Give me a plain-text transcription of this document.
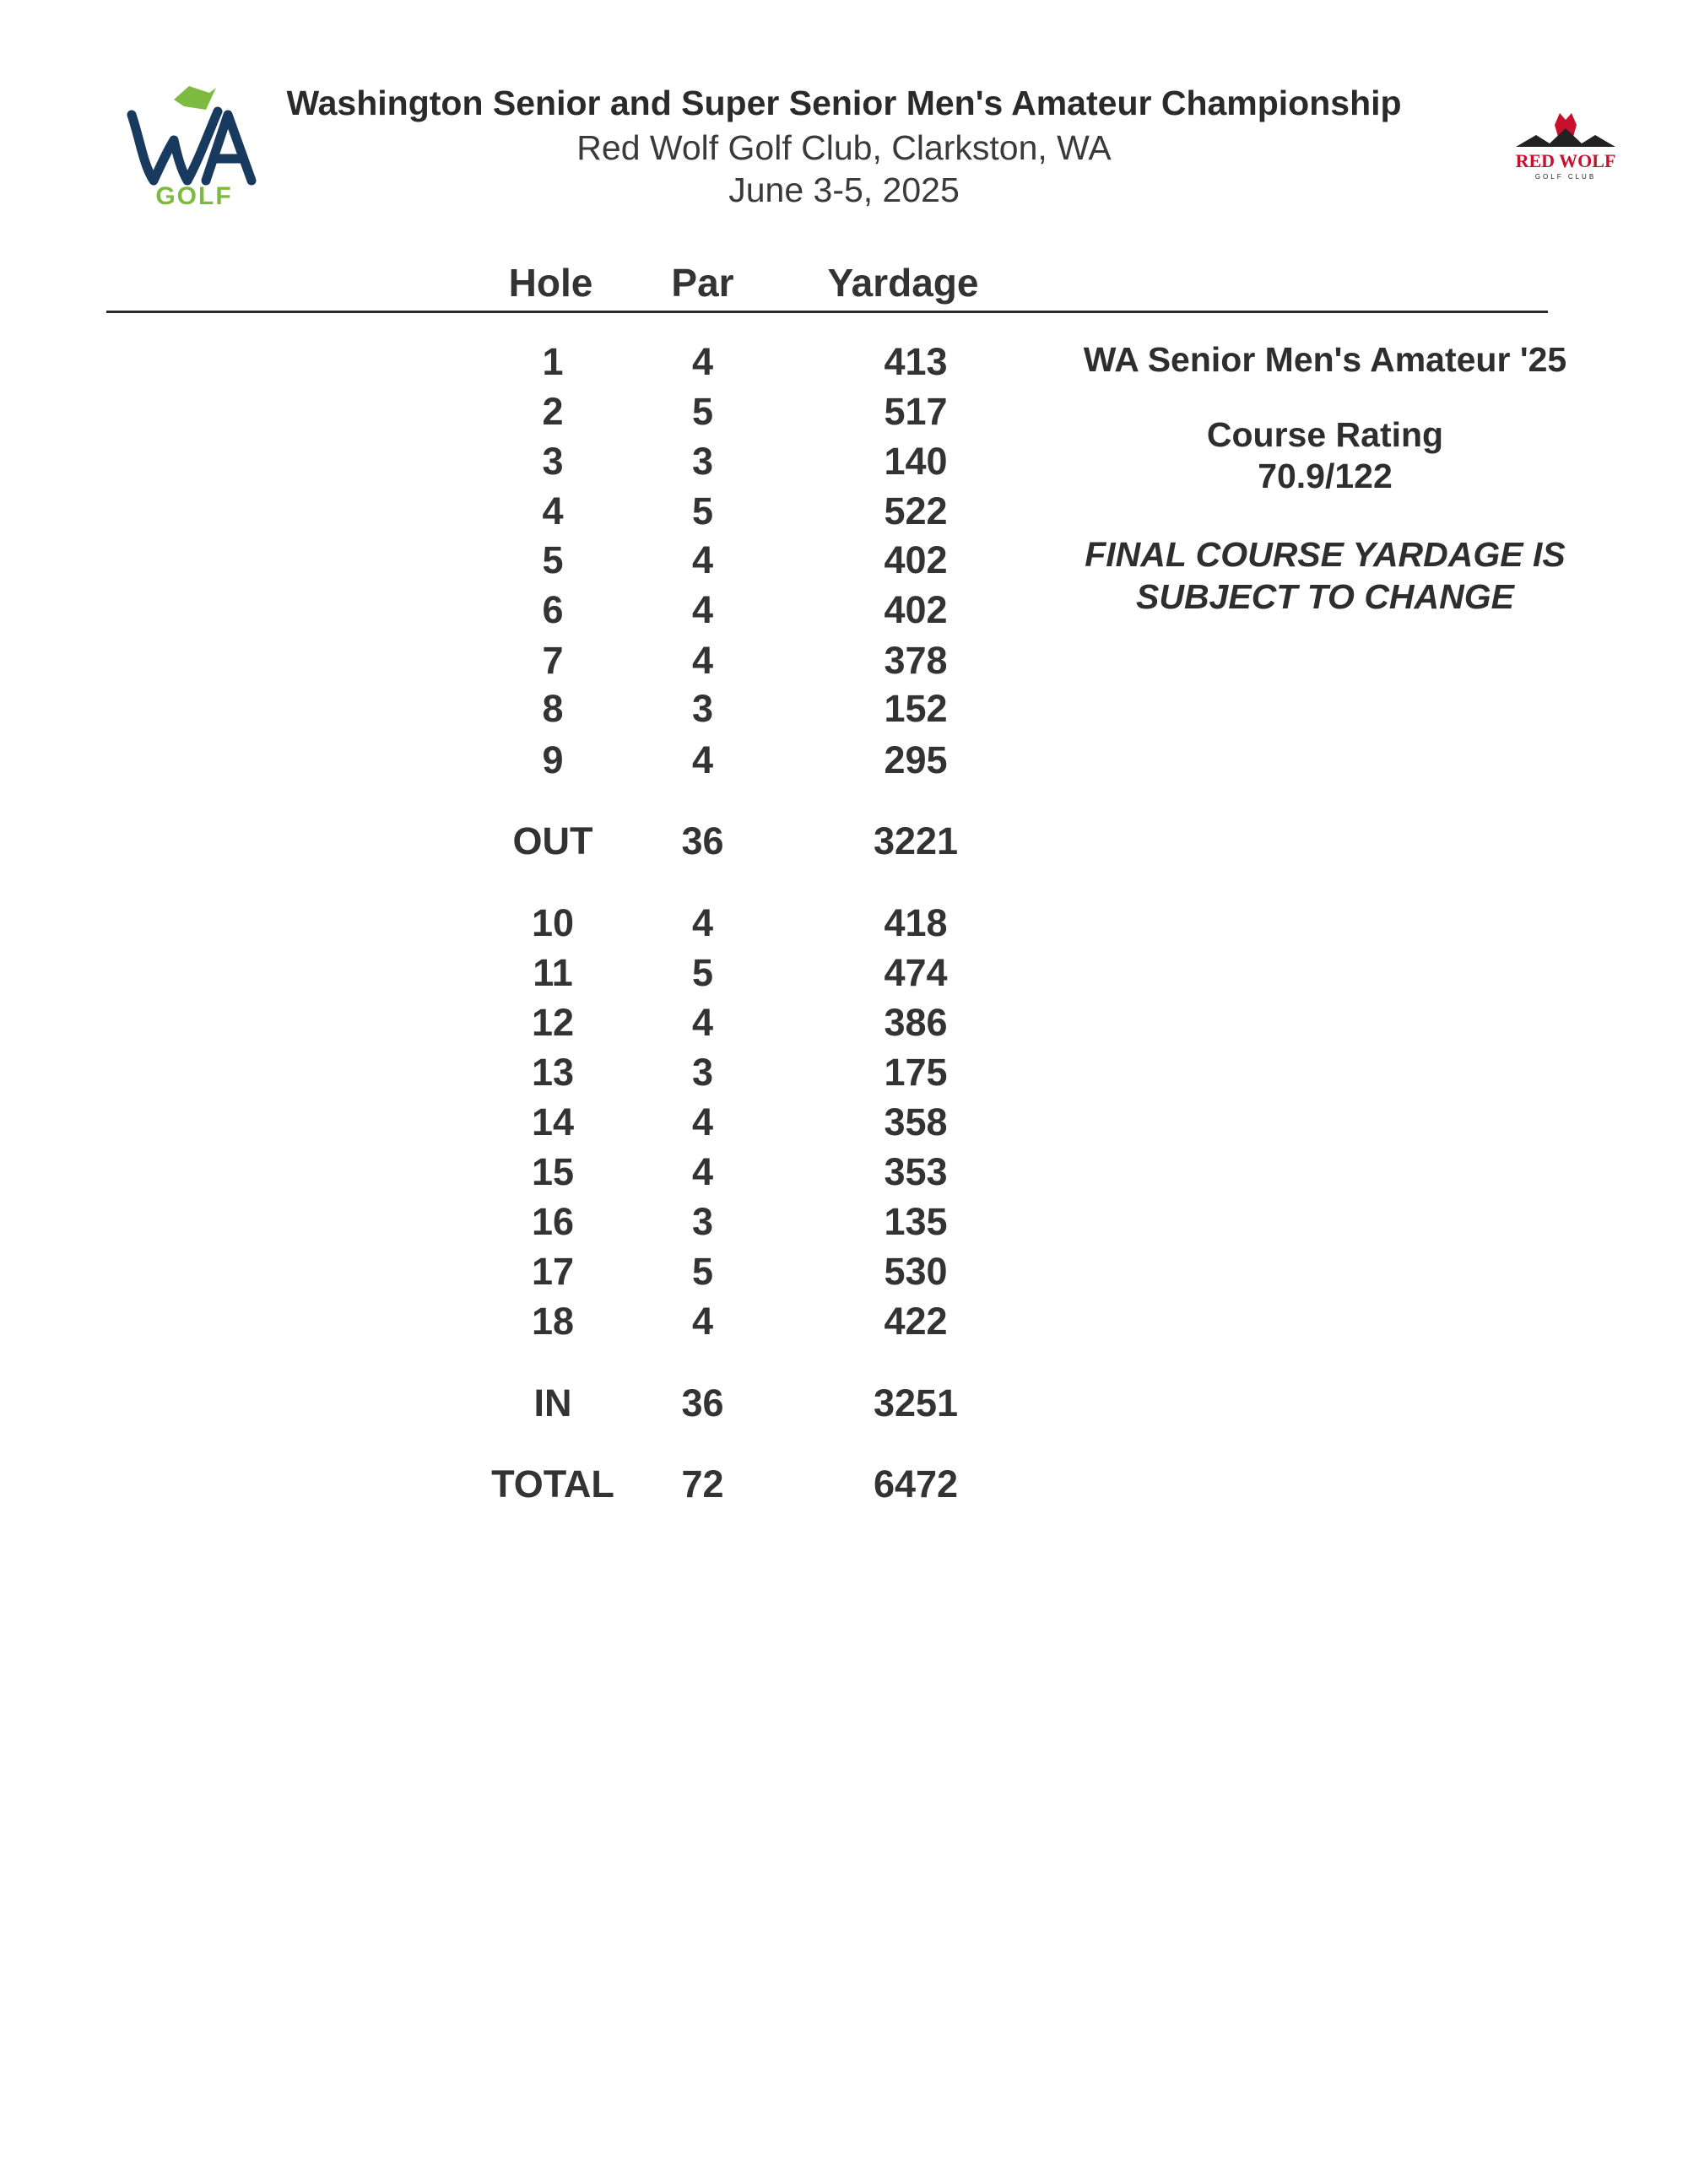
GOLF
RED WOLF
GOLF CLUB
Washington Senior and Super Senior Men's Amateur Championship
Red Wolf Golf Club, Clarkston, WA
June 3-5, 2025
Hole	Par	Yardage
1	4	413
2	5	517
3	3	140
4	5	522
5	4	402
6	4	402
7	4	378
8	3	152
9	4	295
OUT	36	3221
10	4	418
11	5	474
12	4	386
13	3	175
14	4	358
15	4	353
16	3	135
17	5	530
18	4	422
IN	36	3251
TOTAL	72	6472
WA Senior Men's Amateur '25
Course Rating
70.9/122
FINAL COURSE YARDAGE IS
SUBJECT TO CHANGE
